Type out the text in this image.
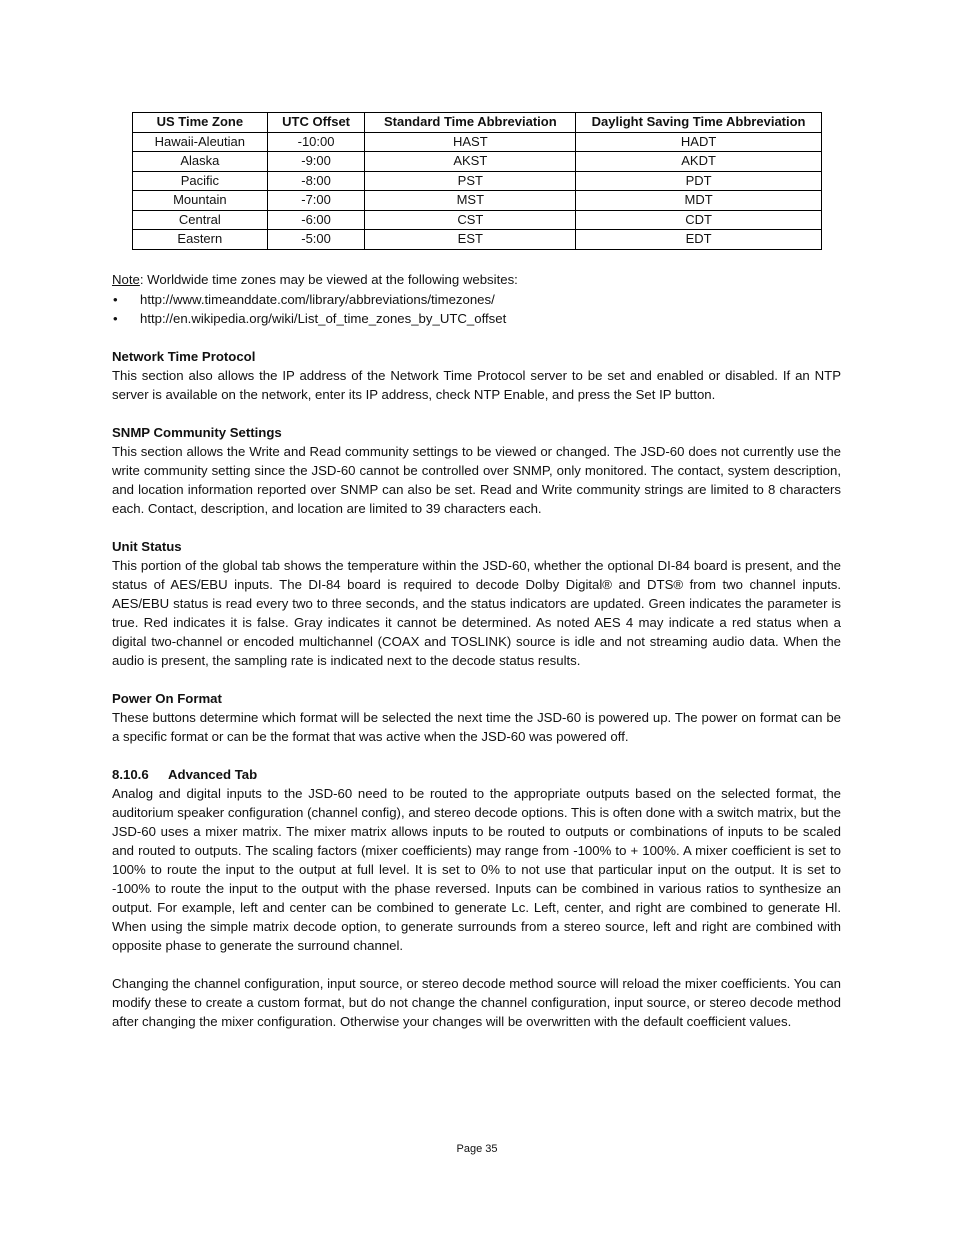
US Time Zone	UTC Offset	Standard Time Abbreviation	Daylight Saving Time Abbreviation
Hawaii-Aleutian	-10:00	HAST	HADT
Alaska	-9:00	AKST	AKDT
Pacific	-8:00	PST	PDT
Mountain	-7:00	MST	MDT
Central	-6:00	CST	CDT
Eastern	-5:00	EST	EDT

Note: Worldwide time zones may be viewed at the following websites:

• http://www.timeanddate.com/library/abbreviations/timezones/
• http://en.wikipedia.org/wiki/List_of_time_zones_by_UTC_offset
Network Time Protocol

This section also allows the IP address of the Network Time Protocol server to be set and enabled or disabled. If an NTP server is available on the network, enter its IP address, check NTP Enable, and press the Set IP button.

SNMP Community Settings

This section allows the Write and Read community settings to be viewed or changed. The JSD-60 does not currently use the write community setting since the JSD-60 cannot be controlled over SNMP, only monitored. The contact, system description, and location information reported over SNMP can also be set. Read and Write community strings are limited to 8 characters each. Contact, description, and location are limited to 39 characters each.

Unit Status

This portion of the global tab shows the temperature within the JSD-60, whether the optional DI-84 board is present, and the status of AES/EBU inputs. The DI-84 board is required to decode Dolby Digital® and DTS® from two channel inputs. AES/EBU status is read every two to three seconds, and the status indicators are updated. Green indicates the parameter is true. Red indicates it is false. Gray indicates it cannot be determined. As noted AES 4 may indicate a red status when a digital two-channel or encoded multichannel (COAX and TOSLINK) source is idle and not streaming audio data. When the audio is present, the sampling rate is indicated next to the decode status results.

Power On Format

These buttons determine which format will be selected the next time the JSD-60 is powered up. The power on format can be a specific format or can be the format that was active when the JSD-60 was powered off.

8.10.6 Advanced Tab

Analog and digital inputs to the JSD-60 need to be routed to the appropriate outputs based on the selected format, the auditorium speaker configuration (channel config), and stereo decode options. This is often done with a switch matrix, but the JSD-60 uses a mixer matrix. The mixer matrix allows inputs to be routed to outputs or combinations of inputs to be scaled and routed to outputs. The scaling factors (mixer coefficients) may range from -100% to + 100%. A mixer coefficient is set to 100% to route the input to the output at full level. It is set to 0% to not use that particular input on the output. It is set to -100% to route the input to the output with the phase reversed. Inputs can be combined in various ratios to synthesize an output. For example, left and center can be combined to generate Lc. Left, center, and right are combined to generate Hl. When using the simple matrix decode option, to generate surrounds from a stereo source, left and right are combined with opposite phase to generate the surround channel.

Changing the channel configuration, input source, or stereo decode method source will reload the mixer coefficients. You can modify these to create a custom format, but do not change the channel configuration, input source, or stereo decode method after changing the mixer configuration. Otherwise your changes will be overwritten with the default coefficient values.

Page 35
